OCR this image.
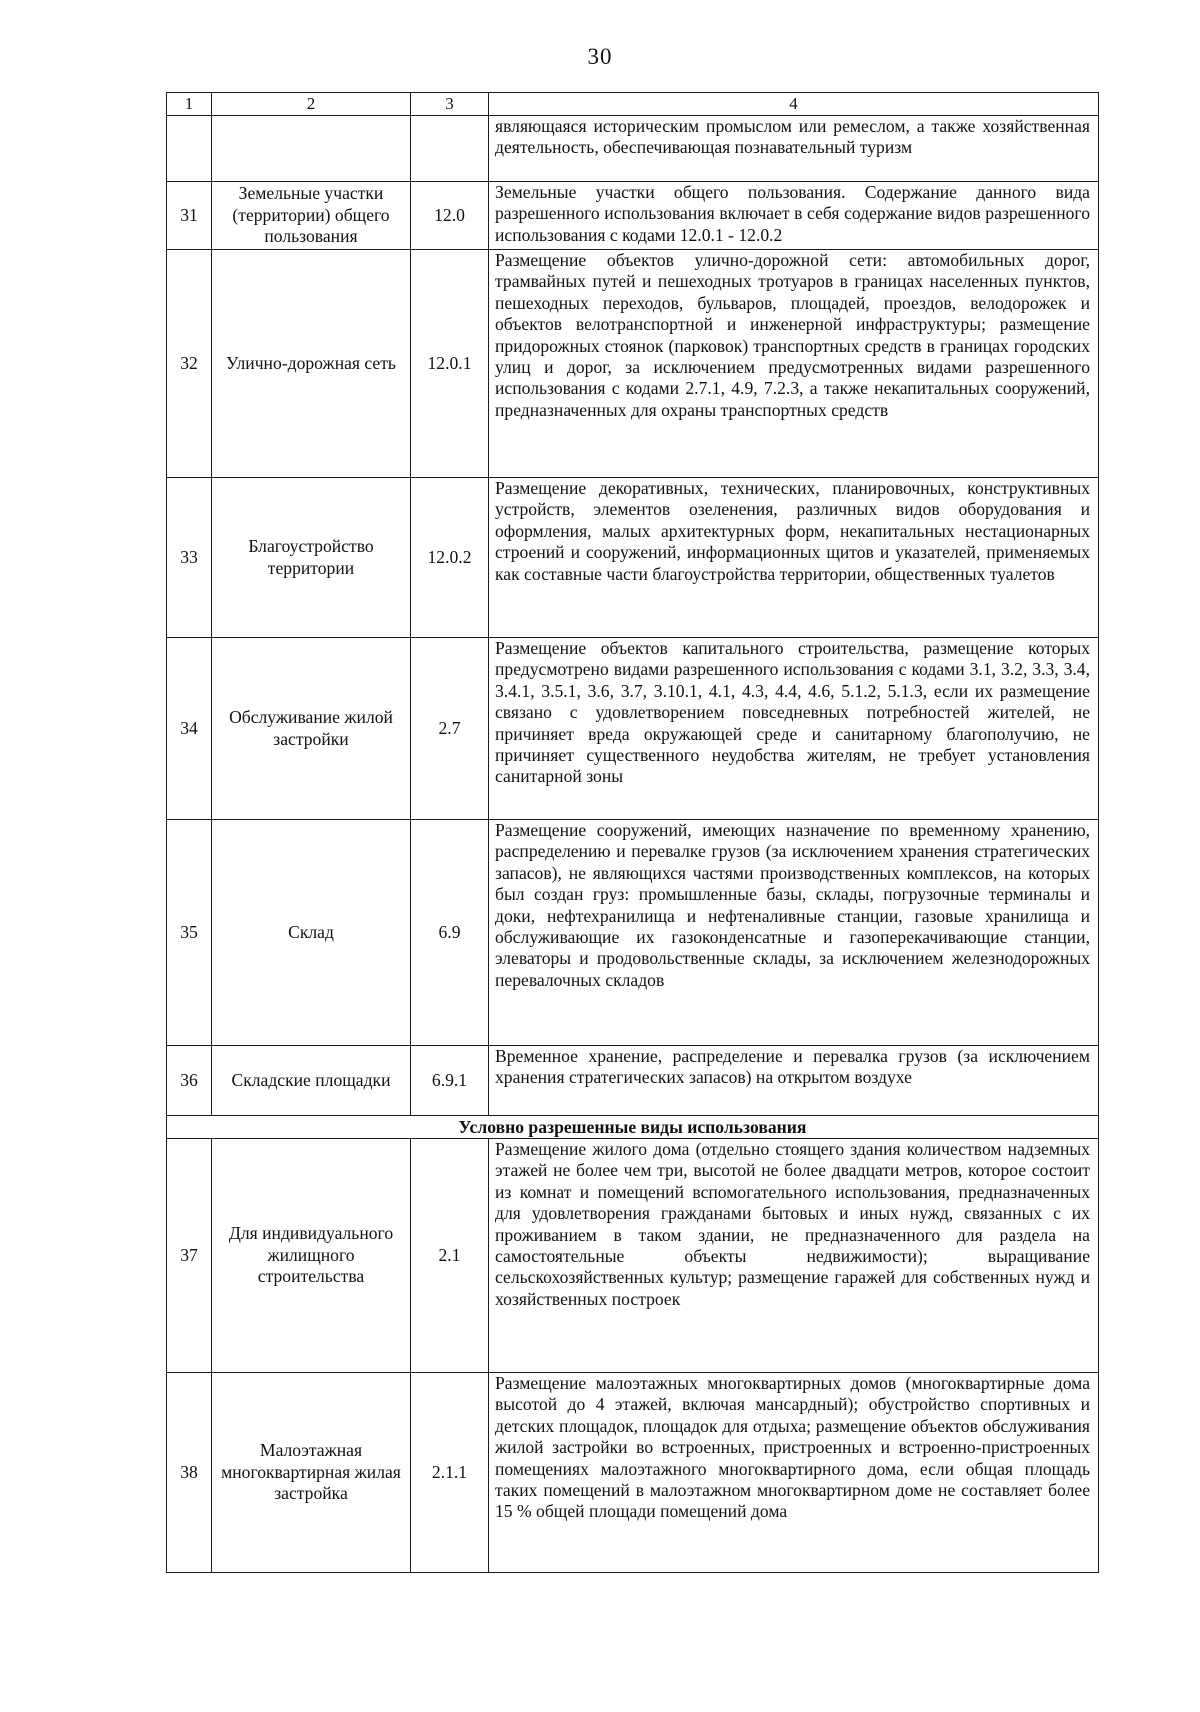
30
1	2	3	4
			являющаяся историческим промыслом или ремеслом, а также хозяйственная деятельность, обеспечивающая познавательный туризм
31	Земельные участки (территории) общего пользования	12.0	Земельные участки общего пользования. Содержание данного вида разрешенного использования включает в себя содержание видов разрешенного использования с кодами 12.0.1 - 12.0.2
32	Улично-дорожная сеть	12.0.1	Размещение объектов улично-дорожной сети: автомобильных дорог, трамвайных путей и пешеходных тротуаров в границах населенных пунктов, пешеходных переходов, бульваров, площадей, проездов, велодорожек и объектов велотранспортной и инженерной инфраструктуры; размещение придорожных стоянок (парковок) транспортных средств в границах городских улиц и дорог, за исключением предусмотренных видами разрешенного использования с кодами 2.7.1, 4.9, 7.2.3, а также некапитальных сооружений, предназначенных для охраны транспортных средств
33	Благоустройство территории	12.0.2	Размещение декоративных, технических, планировочных, конструктивных устройств, элементов озеленения, различных видов оборудования и оформления, малых архитектурных форм, некапитальных нестационарных строений и сооружений, информационных щитов и указателей, применяемых как составные части благоустройства территории, общественных туалетов
34	Обслуживание жилой застройки	2.7	Размещение объектов капитального строительства, размещение которых предусмотрено видами разрешенного использования с кодами 3.1, 3.2, 3.3, 3.4, 3.4.1, 3.5.1, 3.6, 3.7, 3.10.1, 4.1, 4.3, 4.4, 4.6, 5.1.2, 5.1.3, если их размещение связано с удовлетворением повседневных потребностей жителей, не причиняет вреда окружающей среде и санитарному благополучию, не причиняет существенного неудобства жителям, не требует установления санитарной зоны
35	Склад	6.9	Размещение сооружений, имеющих назначение по временному хранению, распределению и перевалке грузов (за исключением хранения стратегических запасов), не являющихся частями производственных комплексов, на которых был создан груз: промышленные базы, склады, погрузочные терминалы и доки, нефтехранилища и нефтеналивные станции, газовые хранилища и обслуживающие их газоконденсатные и газоперекачивающие станции, элеваторы и продовольственные склады, за исключением железнодорожных перевалочных складов
36	Складские площадки	6.9.1	Временное хранение, распределение и перевалка грузов (за исключением хранения стратегических запасов) на открытом воздухе
Условно разрешенные виды использования			
37	Для индивидуального жилищного строительства	2.1	Размещение жилого дома (отдельно стоящего здания количеством надземных этажей не более чем три, высотой не более двадцати метров, которое состоит из комнат и помещений вспомогательного использования, предназначенных для удовлетворения гражданами бытовых и иных нужд, связанных с их проживанием в таком здании, не предназначенного для раздела на самостоятельные объекты недвижимости); выращивание сельскохозяйственных культур; размещение гаражей для собственных нужд и хозяйственных построек
38	Малоэтажная многоквартирная жилая застройка	2.1.1	Размещение малоэтажных многоквартирных домов (многоквартирные дома высотой до 4 этажей, включая мансардный); обустройство спортивных и детских площадок, площадок для отдыха; размещение объектов обслуживания жилой застройки во встроенных, пристроенных и встроенно-пристроенных помещениях малоэтажного многоквартирного дома, если общая площадь таких помещений в малоэтажном многоквартирном доме не составляет более 15 % общей площади помещений дома
